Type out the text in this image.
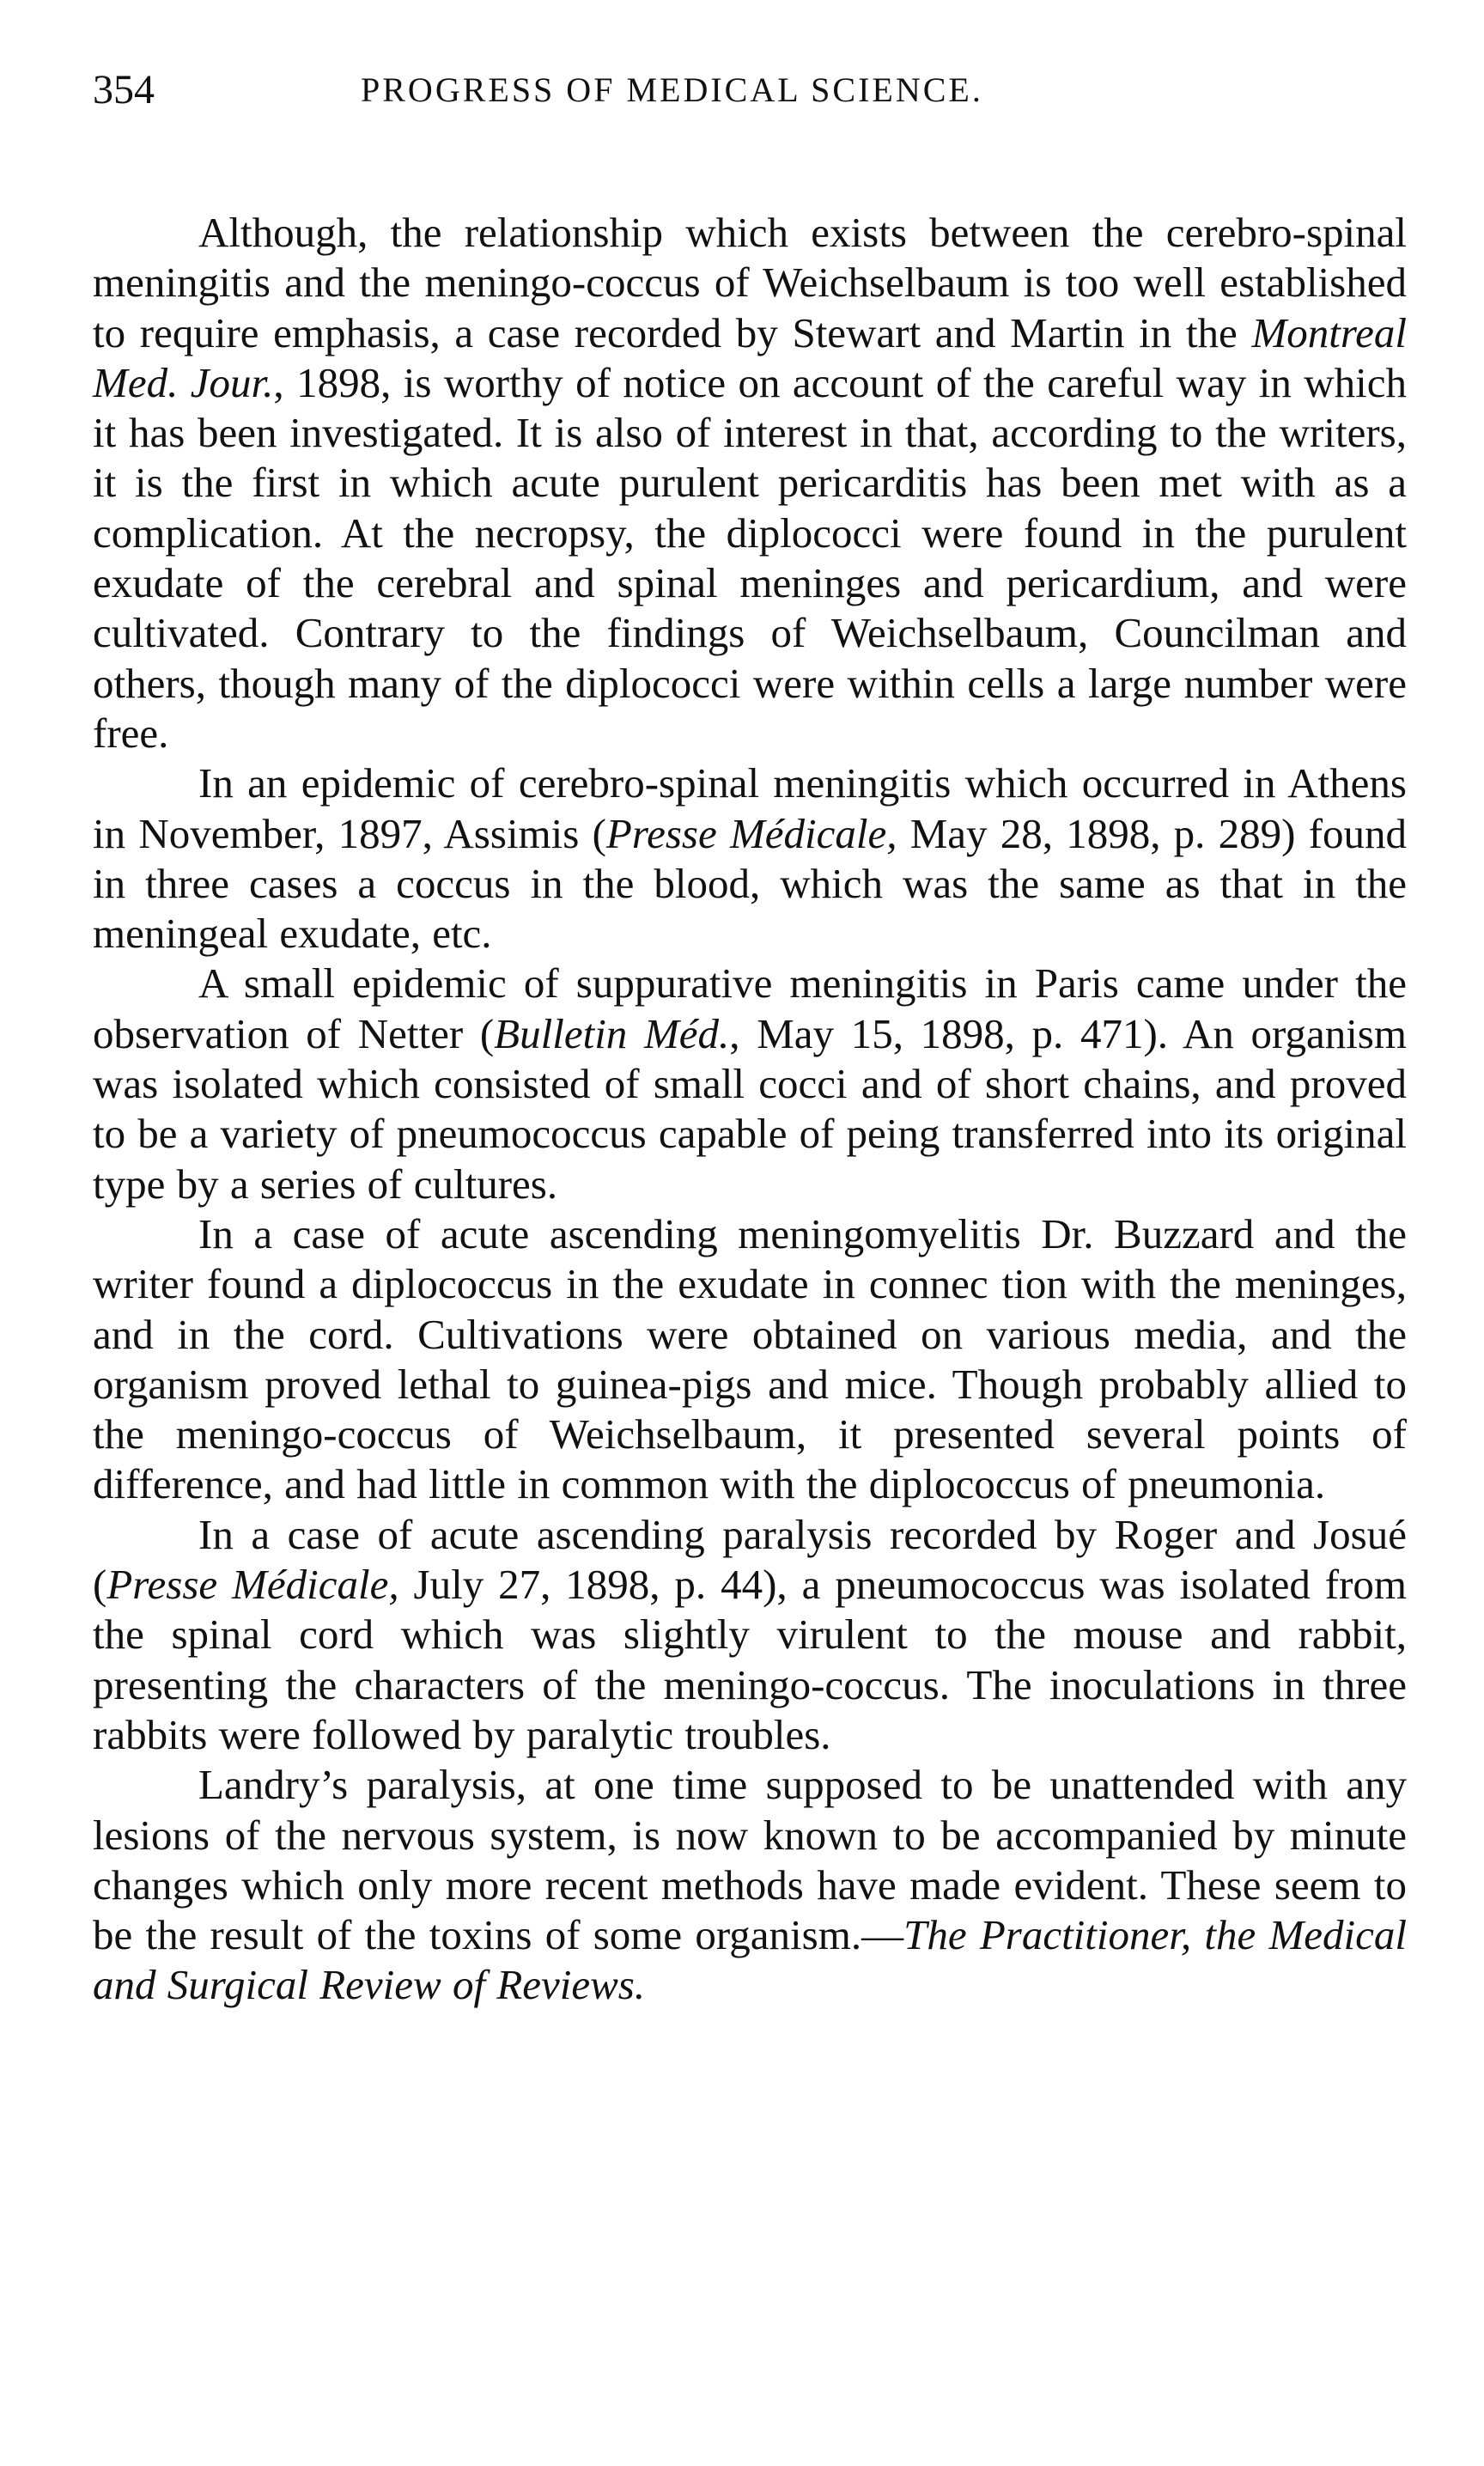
354	PROGRESS OF MEDICAL SCIENCE.

Although, the relationship which exists between the cerebro-spinal meningitis and the meningo-coccus of Weichselbaum is too well established to require emphasis, a case recorded by Stewart and Martin in the Montreal Med. Jour., 1898, is worthy of notice on account of the careful way in which it has been investigated. It is also of interest in that, according to the writers, it is the first in which acute purulent pericarditis has been met with as a complication. At the necropsy, the diplococci were found in the purulent exudate of the cerebral and spinal meninges and pericardium, and were cultivated. Contrary to the findings of Weichselbaum, Councilman and others, though many of the diplococci were within cells a large number were free.

In an epidemic of cerebro-spinal meningitis which occurred in Athens in November, 1897, Assimis (Presse Médicale, May 28, 1898, p. 289) found in three cases a coccus in the blood, which was the same as that in the meningeal exudate, etc.

A small epidemic of suppurative meningitis in Paris came under the observation of Netter (Bulletin Méd., May 15, 1898, p. 471). An organism was isolated which consisted of small cocci and of short chains, and proved to be a variety of pneumococcus capable of peing transferred into its original type by a series of cultures.

In a case of acute ascending meningomyelitis Dr. Buzzard and the writer found a diplococcus in the exudate in connec tion with the meninges, and in the cord. Cultivations were obtained on various media, and the organism proved lethal to guinea-pigs and mice. Though probably allied to the meningo-coccus of Weichselbaum, it presented several points of difference, and had little in common with the diplococcus of pneumonia.

In a case of acute ascending paralysis recorded by Roger and Josué (Presse Médicale, July 27, 1898, p. 44), a pneumococcus was isolated from the spinal cord which was slightly virulent to the mouse and rabbit, presenting the characters of the meningo-coccus. The inoculations in three rabbits were followed by paralytic troubles.

Landry’s paralysis, at one time supposed to be unattended with any lesions of the nervous system, is now known to be accompanied by minute changes which only more recent methods have made evident. These seem to be the result of the toxins of some organism.—The Practitioner, the Medical and Surgical Review of Reviews.
